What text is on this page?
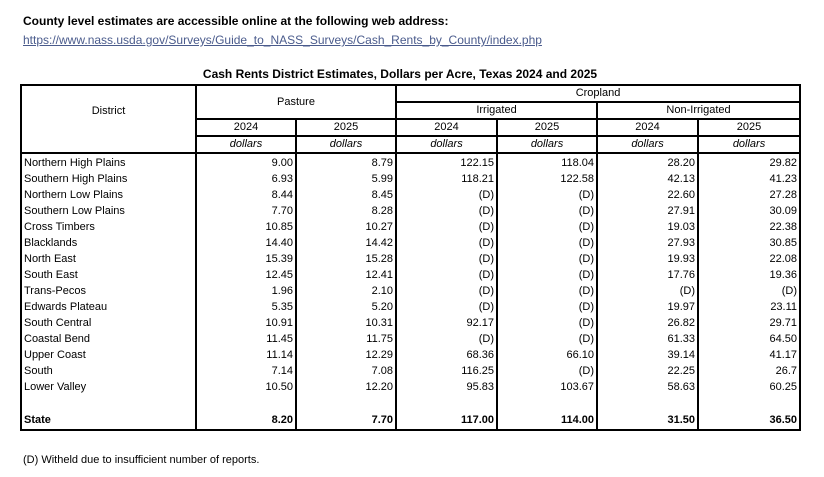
County level estimates are accessible online at the following web address:
https://www.nass.usda.gov/Surveys/Guide_to_NASS_Surveys/Cash_Rents_by_County/index.php
Cash Rents District Estimates, Dollars per Acre, Texas 2024 and 2025
District	Pasture		Cropland			
			Irrigated		Non-Irrigated	
	2024	2025	2024	2025	2024	2025
	dollars	dollars	dollars	dollars	dollars	dollars
Northern High Plains	9.00	8.79	122.15	118.04	28.20	29.82
Southern High Plains	6.93	5.99	118.21	122.58	42.13	41.23
Northern Low Plains	8.44	8.45	(D)	(D)	22.60	27.28
Southern Low Plains	7.70	8.28	(D)	(D)	27.91	30.09
Cross Timbers	10.85	10.27	(D)	(D)	19.03	22.38
Blacklands	14.40	14.42	(D)	(D)	27.93	30.85
North East	15.39	15.28	(D)	(D)	19.93	22.08
South East	12.45	12.41	(D)	(D)	17.76	19.36
Trans-Pecos	1.96	2.10	(D)	(D)	(D)	(D)
Edwards Plateau	5.35	5.20	(D)	(D)	19.97	23.11
South Central	10.91	10.31	92.17	(D)	26.82	29.71
Coastal Bend	11.45	11.75	(D)	(D)	61.33	64.50
Upper Coast	11.14	12.29	68.36	66.10	39.14	41.17
South	7.14	7.08	116.25	(D)	22.25	26.7
Lower Valley	10.50	12.20	95.83	103.67	58.63	60.25

State	8.20	7.70	117.00	114.00	31.50	36.50
(D) Witheld due to insufficient number of reports.
